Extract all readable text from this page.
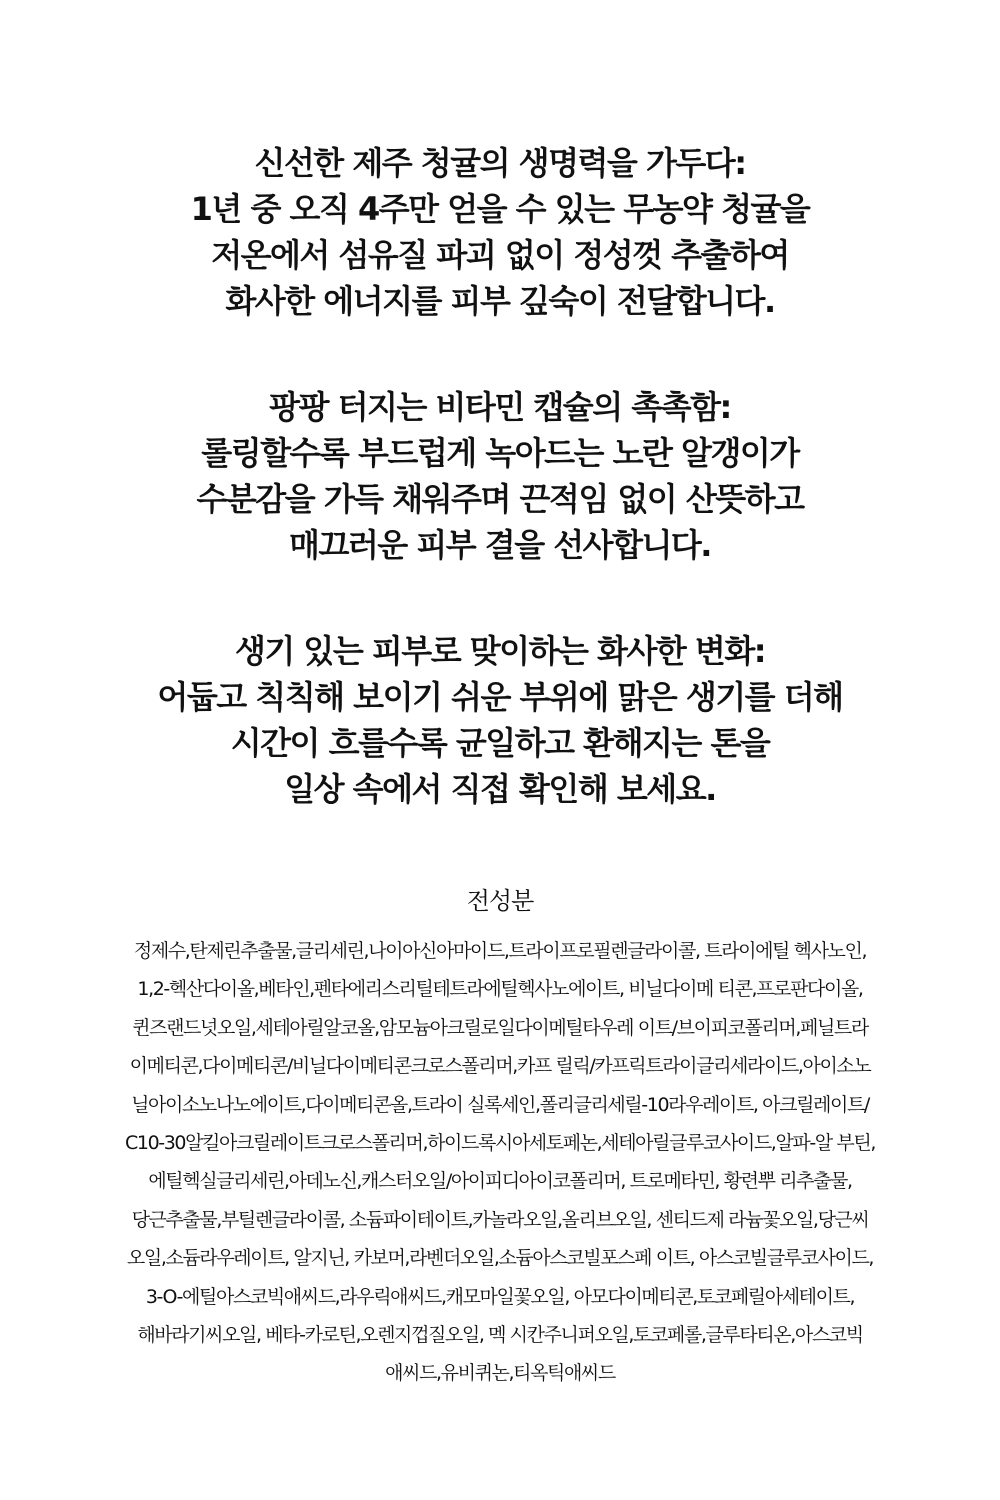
신선한 제주 청귤의 생명력을 가두다:
1년 중 오직 4주만 얻을 수 있는 무농약 청귤을
저온에서 섬유질 파괴 없이 정성껏 추출하여
화사한 에너지를 피부 깊숙이 전달합니다.
팡팡 터지는 비타민 캡슐의 촉촉함:
롤링할수록 부드럽게 녹아드는 노란 알갱이가
수분감을 가득 채워주며 끈적임 없이 산뜻하고
매끄러운 피부 결을 선사합니다.
생기 있는 피부로 맞이하는 화사한 변화:
어둡고 칙칙해 보이기 쉬운 부위에 맑은 생기를 더해
시간이 흐를수록 균일하고 환해지는 톤을
일상 속에서 직접 확인해 보세요.
전성분
정제수,탄제린추출물,글리세린,나이아신아마이드,트라이프로필렌글라이콜, 트라이에틸 헥사노인,
1,2-헥산다이올,베타인,펜타에리스리틸테트라에틸헥사노에이트, 비닐다이메 티콘,프로판다이올,
퀸즈랜드넛오일,세테아릴알코올,암모늄아크릴로일다이메틸타우레 이트/브이피코폴리머,페닐트라
이메티콘,다이메티콘/비닐다이메티콘크로스폴리머,카프 릴릭/카프릭트라이글리세라이드,아이소노
닐아이소노나노에이트,다이메티콘올,트라이 실록세인,폴리글리세릴-10라우레이트, 아크릴레이트/
C10-30알킬아크릴레이트크로스폴리머,하이드록시아세토페논,세테아릴글루코사이드,알파-알 부틴,
에틸헥실글리세린,아데노신,캐스터오일/아이피디아이코폴리머, 트로메타민, 황련뿌 리추출물,
당근추출물,부틸렌글라이콜, 소듐파이테이트,카놀라오일,올리브오일, 센티드제 라늄꽃오일,당근씨
오일,소듐라우레이트, 알지닌, 카보머,라벤더오일,소듐아스코빌포스페 이트, 아스코빌글루코사이드,
3-O-에틸아스코빅애씨드,라우릭애씨드,캐모마일꽃오일, 아모다이메티콘,토코페릴아세테이트,
해바라기씨오일, 베타-카로틴,오렌지껍질오일, 멕 시칸주니퍼오일,토코페롤,글루타티온,아스코빅
애씨드,유비퀴논,티옥틱애씨드
